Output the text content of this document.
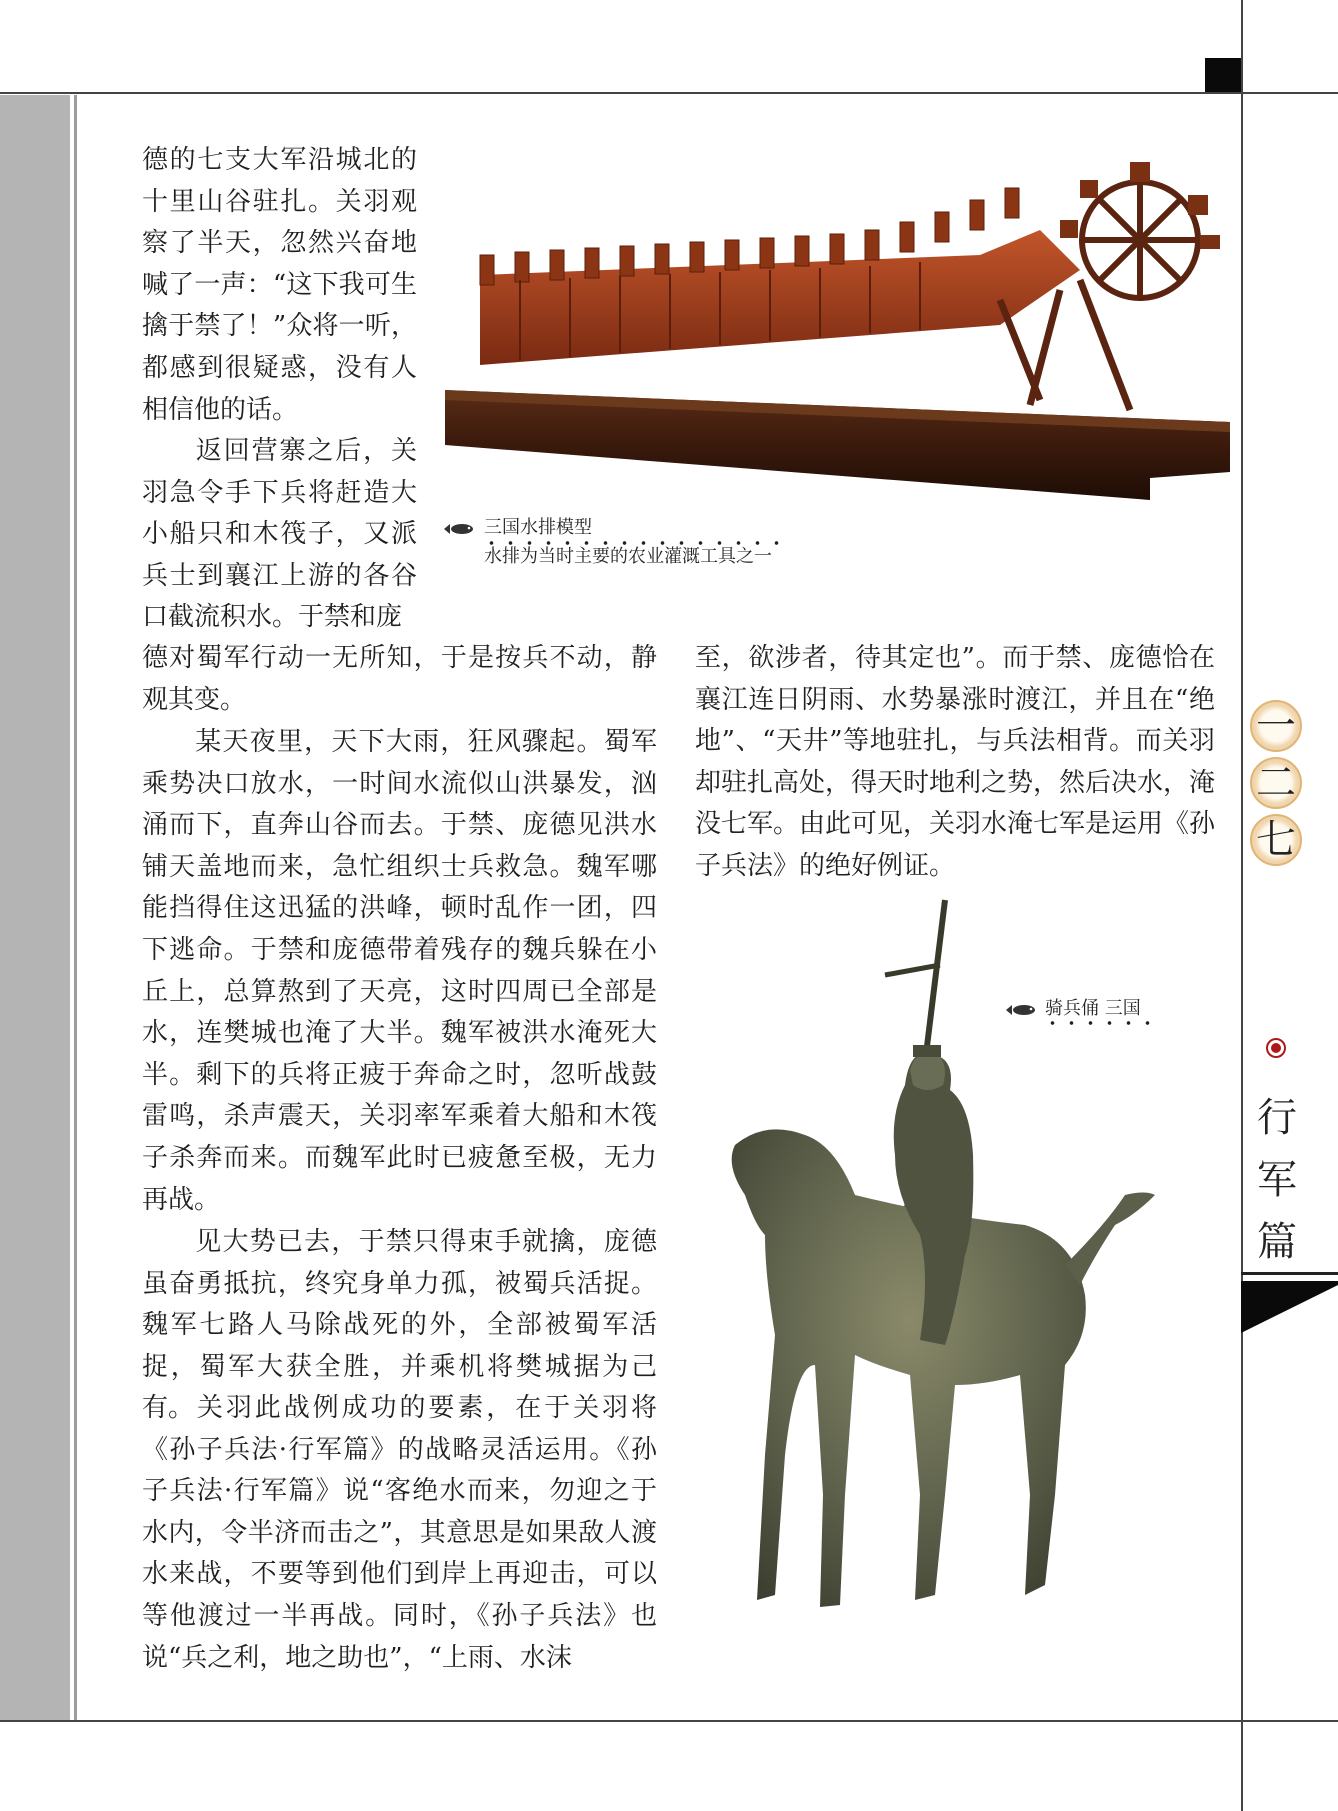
德的七支大军沿城北的十里山谷驻扎。关羽观察了半天，忽然兴奋地喊了一声：“这下我可生擒于禁了！”众将一听，都感到很疑惑，没有人相信他的话。

返回营寨之后，关羽急令手下兵将赶造大小船只和木筏子，又派兵士到襄江上游的各谷口截流积水。于禁和庞

德对蜀军行动一无所知，于是按兵不动，静观其变。

某天夜里，天下大雨，狂风骤起。蜀军乘势决口放水，一时间水流似山洪暴发，汹涌而下，直奔山谷而去。于禁、庞德见洪水铺天盖地而来，急忙组织士兵救急。魏军哪能挡得住这迅猛的洪峰，顿时乱作一团，四下逃命。于禁和庞德带着残存的魏兵躲在小丘上，总算熬到了天亮，这时四周已全部是水，连樊城也淹了大半。魏军被洪水淹死大半。剩下的兵将正疲于奔命之时，忽听战鼓雷鸣，杀声震天，关羽率军乘着大船和木筏子杀奔而来。而魏军此时已疲惫至极，无力再战。

见大势已去，于禁只得束手就擒，庞德虽奋勇抵抗，终究身单力孤，被蜀兵活捉。魏军七路人马除战死的外，全部被蜀军活捉，蜀军大获全胜，并乘机将樊城据为己有。 关羽此战例成功的要素，在于关羽将《孙子兵法·行军篇》的战略灵活运用。《孙子兵法·行军篇》说“客绝水而来，勿迎之于水内，令半济而击之”，其意思是如果敌人渡水来战，不要等到他们到岸上再迎击，可以等他渡过一半再战。同时，《孙子兵法》也说“兵之利，地之助也”，“上雨、水沫

至，欲涉者，待其定也”。而于禁、庞德恰在襄江连日阴雨、水势暴涨时渡江，并且在“绝地”、“天井”等地驻扎，与兵法相背。而关羽却驻扎高处，得天时地利之势，然后决水，淹没七军。由此可见，关羽水淹七军是运用《孙子兵法》的绝好例证。

三国水排模型
水排为当时主要的农业灌溉工具之一
骑兵俑 三国
一
二
七
行
军
篇
